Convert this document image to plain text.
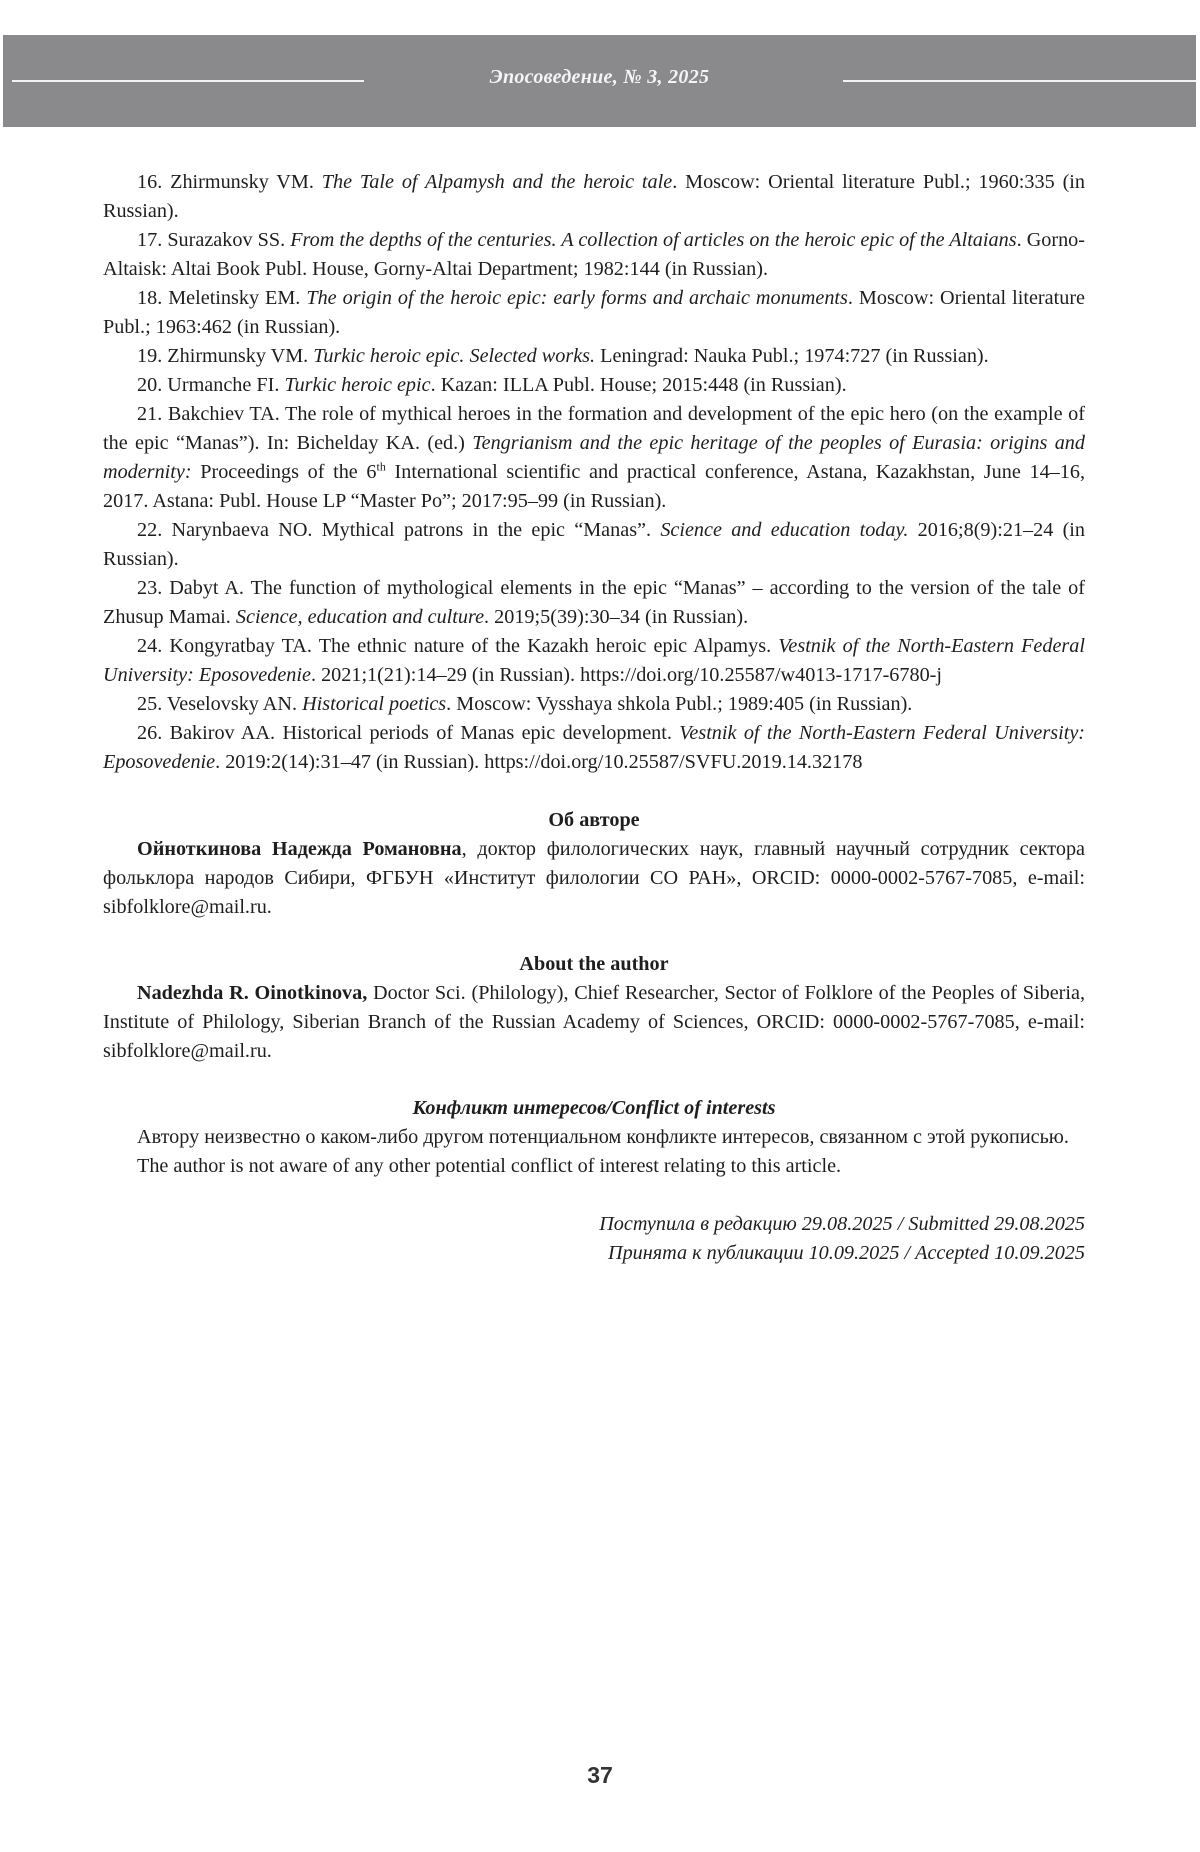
Эпосоведение, № 3, 2025

16. Zhirmunsky VM. The Tale of Alpamysh and the heroic tale. Moscow: Oriental literature Publ.; 1960:335 (in Russian).

17. Surazakov SS. From the depths of the centuries. A collection of articles on the heroic epic of the Altaians. Gorno-Altaisk: Altai Book Publ. House, Gorny-Altai Department; 1982:144 (in Russian).

18. Meletinsky EM. The origin of the heroic epic: early forms and archaic monuments. Moscow: Oriental literature Publ.; 1963:462 (in Russian).

19. Zhirmunsky VM. Turkic heroic epic. Selected works. Leningrad: Nauka Publ.; 1974:727 (in Russian).

20. Urmanche FI. Turkic heroic epic. Kazan: ILLA Publ. House; 2015:448 (in Russian).

21. Bakchiev TA. The role of mythical heroes in the formation and development of the epic hero (on the example of the epic “Manas”). In: Bichelday KA. (ed.) Tengrianism and the epic heritage of the peoples of Eurasia: origins and modernity: Proceedings of the 6th International scientific and practical conference, Astana, Kazakhstan, June 14–16, 2017. Astana: Publ. House LP “Master Po”; 2017:95–99 (in Russian).

22. Narynbaeva NO. Mythical patrons in the epic “Manas”. Science and education today. 2016;8(9):21–24 (in Russian).

23. Dabyt A. The function of mythological elements in the epic “Manas” – according to the version of the tale of Zhusup Mamai. Science, education and culture. 2019;5(39):30–34 (in Russian).

24. Kongyratbay TA. The ethnic nature of the Kazakh heroic epic Alpamys. Vestnik of the North-Eastern Federal University: Eposovedenie. 2021;1(21):14–29 (in Russian). https://doi.org/10.25587/w4013-1717-6780-j

25. Veselovsky AN. Historical poetics. Moscow: Vysshaya shkola Publ.; 1989:405 (in Russian).

26. Bakirov AA. Historical periods of Manas epic development. Vestnik of the North-Eastern Federal University: Eposovedenie. 2019:2(14):31–47 (in Russian). https://doi.org/10.25587/SVFU.2019.14.32178

Об авторе

Ойноткинова Надежда Романовна, доктор филологических наук, главный научный сотрудник сектора фольклора народов Сибири, ФГБУН «Институт филологии СО РАН», ORCID: 0000-0002-5767-7085, e-mail: sibfolklore@mail.ru.

About the author

Nadezhda R. Oinotkinova, Doctor Sci. (Philology), Chief Researcher, Sector of Folklore of the Peoples of Siberia, Institute of Philology, Siberian Branch of the Russian Academy of Sciences, ORCID: 0000-0002-5767-7085, e-mail: sibfolklore@mail.ru.

Конфликт интересов/Conflict of interests

Автору неизвестно о каком-либо другом потенциальном конфликте интересов, связанном с этой рукописью.

The author is not aware of any other potential conflict of interest relating to this article.

Поступила в редакцию 29.08.2025 / Submitted 29.08.2025

Принята к публикации 10.09.2025 / Accepted 10.09.2025

37
